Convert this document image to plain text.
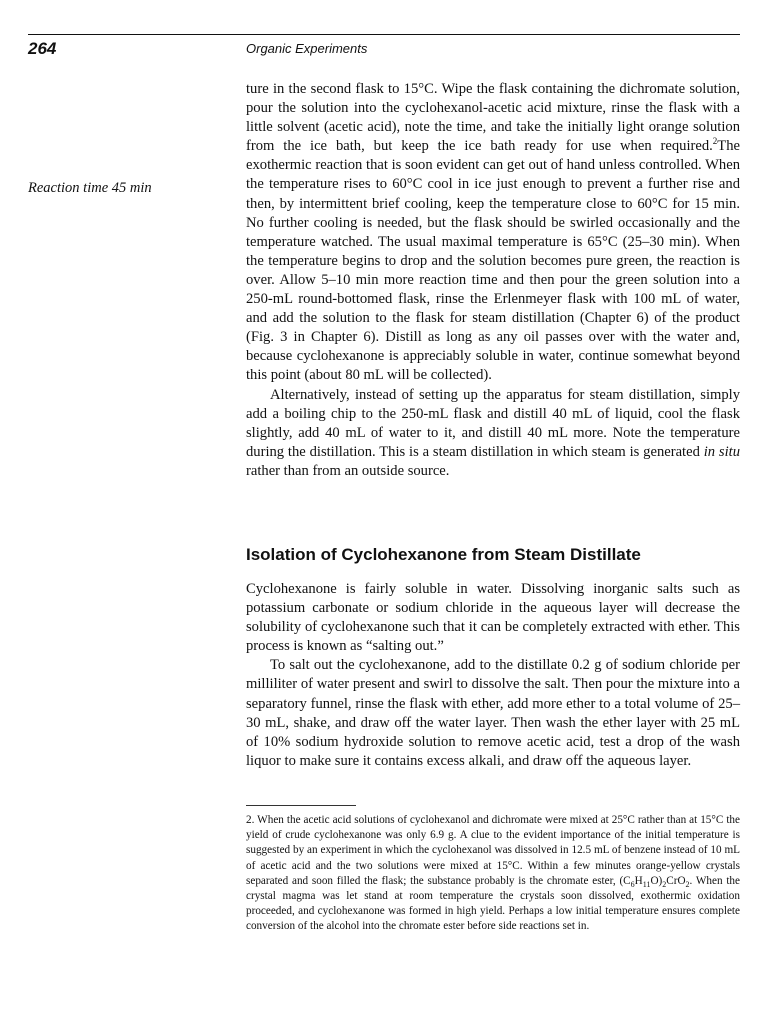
264	Organic Experiments
Reaction time 45 min

ture in the second flask to 15°C. Wipe the flask containing the dichromate solution, pour the solution into the cyclohexanol-acetic acid mixture, rinse the flask with a little solvent (acetic acid), note the time, and take the initially light orange solution from the ice bath, but keep the ice bath ready for use when required.$^2$The exothermic reaction that is soon evident can get out of hand unless controlled. When the temperature rises to 60°C cool in ice just enough to prevent a further rise and then, by intermittent brief cooling, keep the temperature close to 60°C for 15 min. No further cooling is needed, but the flask should be swirled occasionally and the temperature watched. The usual maximal temperature is 65°C (25–30 min). When the temperature begins to drop and the solution becomes pure green, the reaction is over. Allow 5–10 min more reaction time and then pour the green solution into a 250-mL round-bottomed flask, rinse the Erlenmeyer flask with 100 mL of water, and add the solution to the flask for steam distillation (Chapter 6) of the product (Fig. 3 in Chapter 6). Distill as long as any oil passes over with the water and, because cyclohexanone is appreciably soluble in water, continue somewhat beyond this point (about 80 mL will be collected).

Alternatively, instead of setting up the apparatus for steam distillation, simply add a boiling chip to the 250-mL flask and distill 40 mL of liquid, cool the flask slightly, add 40 mL of water to it, and distill 40 mL more. Note the temperature during the distillation. This is a steam distillation in which steam is generated in situ rather than from an outside source.

Isolation of Cyclohexanone from Steam Distillate

Cyclohexanone is fairly soluble in water. Dissolving inorganic salts such as potassium carbonate or sodium chloride in the aqueous layer will decrease the solubility of cyclohexanone such that it can be completely extracted with ether. This process is known as “salting out.”

To salt out the cyclohexanone, add to the distillate 0.2 g of sodium chloride per milliliter of water present and swirl to dissolve the salt. Then pour the mixture into a separatory funnel, rinse the flask with ether, add more ether to a total volume of 25–30 mL, shake, and draw off the water layer. Then wash the ether layer with 25 mL of 10% sodium hydroxide solution to remove acetic acid, test a drop of the wash liquor to make sure it contains excess alkali, and draw off the aqueous layer.

2. When the acetic acid solutions of cyclohexanol and dichromate were mixed at 25°C rather than at 15°C the yield of crude cyclohexanone was only 6.9 g. A clue to the evident importance of the initial temperature is suggested by an experiment in which the cyclohexanol was dissolved in 12.5 mL of benzene instead of 10 mL of acetic acid and the two solutions were mixed at 15°C. Within a few minutes orange-yellow crystals separated and soon filled the flask; the substance probably is the chromate ester, $(C_6H_{11}O)_2CrO_2$. When the crystal magma was let stand at room temperature the crystals soon dissolved, exothermic oxidation proceeded, and cyclohexanone was formed in high yield. Perhaps a low initial temperature ensures complete conversion of the alcohol into the chromate ester before side reactions set in.
